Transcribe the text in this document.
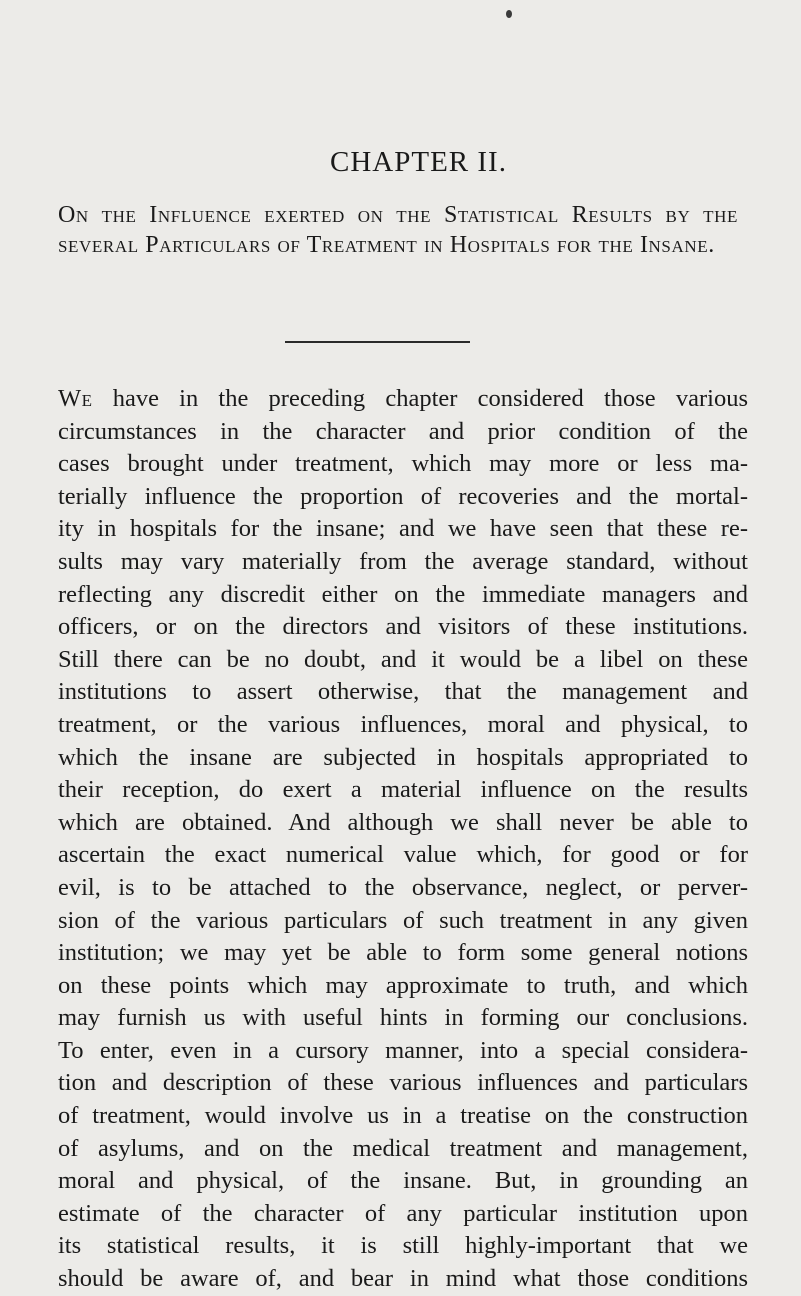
CHAPTER II.

On the Influence exerted on the Statistical Results by the several Particulars of Treatment in Hospitals for the Insane.

We have in the preceding chapter considered those various
circumstances in the character and prior condition of the
cases brought under treatment, which may more or less ma-
terially influence the proportion of recoveries and the mortal-
ity in hospitals for the insane; and we have seen that these re-
sults may vary materially from the average standard, without
reflecting any discredit either on the immediate managers and
officers, or on the directors and visitors of these institutions.
Still there can be no doubt, and it would be a libel on these
institutions to assert otherwise, that the management and
treatment, or the various influences, moral and physical, to
which the insane are subjected in hospitals appropriated to
their reception, do exert a material influence on the results
which are obtained. And although we shall never be able to
ascertain the exact numerical value which, for good or for
evil, is to be attached to the observance, neglect, or perver-
sion of the various particulars of such treatment in any given
institution; we may yet be able to form some general notions
on these points which may approximate to truth, and which
may furnish us with useful hints in forming our conclusions.
To enter, even in a cursory manner, into a special considera-
tion and description of these various influences and particulars
of treatment, would involve us in a treatise on the construction
of asylums, and on the medical treatment and management,
moral and physical, of the insane. But, in grounding an
estimate of the character of any particular institution upon
its statistical results, it is still highly-important that we
should be aware of, and bear in mind what those conditions
